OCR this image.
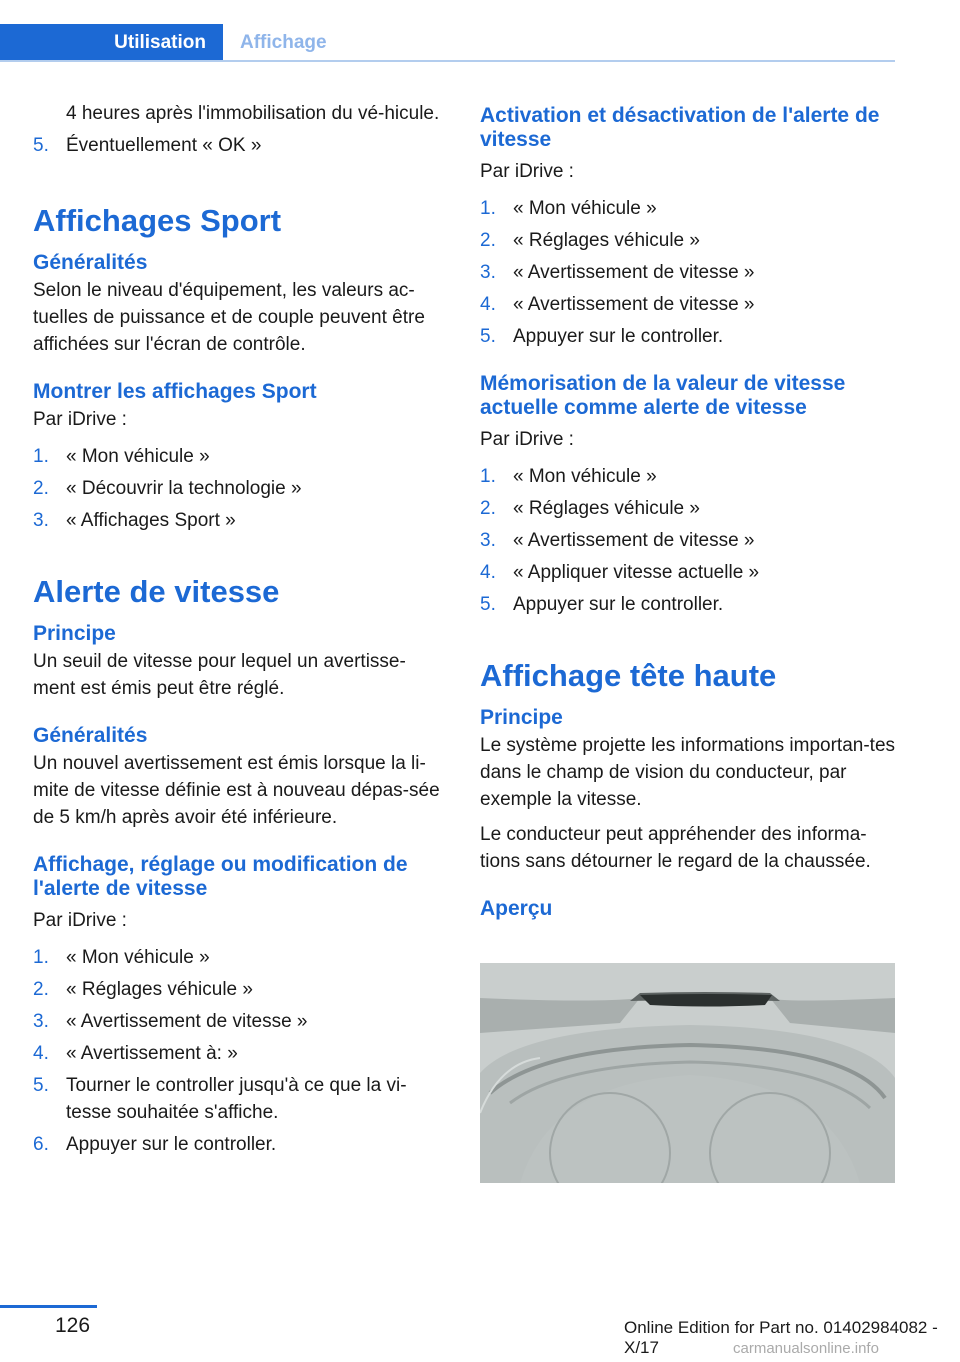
Utilisation Affichage
4 heures après l'immobilisation du vé-hicule.
5. Éventuellement « OK »
Affichages Sport
Généralités

Selon le niveau d'équipement, les valeurs ac-tuelles de puissance et de couple peuvent être affichées sur l'écran de contrôle.

Montrer les affichages Sport

Par iDrive :

1. « Mon véhicule »
2. « Découvrir la technologie »
3. « Affichages Sport »
Alerte de vitesse
Principe

Un seuil de vitesse pour lequel un avertisse-ment est émis peut être réglé.

Généralités

Un nouvel avertissement est émis lorsque la li-mite de vitesse définie est à nouveau dépas-sée de 5 km/h après avoir été inférieure.

Affichage, réglage ou modification de l'alerte de vitesse

Par iDrive :

1. « Mon véhicule »
2. « Réglages véhicule »
3. « Avertissement de vitesse »
4. « Avertissement à: »
5. Tourner le controller jusqu'à ce que la vi-tesse souhaitée s'affiche.
6. Appuyer sur le controller.
Activation et désactivation de l'alerte de vitesse

Par iDrive :

1. « Mon véhicule »
2. « Réglages véhicule »
3. « Avertissement de vitesse »
4. « Avertissement de vitesse »
5. Appuyer sur le controller.
Mémorisation de la valeur de vitesse actuelle comme alerte de vitesse

Par iDrive :

1. « Mon véhicule »
2. « Réglages véhicule »
3. « Avertissement de vitesse »
4. « Appliquer vitesse actuelle »
5. Appuyer sur le controller.
Affichage tête haute
Principe

Le système projette les informations importan-tes dans le champ de vision du conducteur, par exemple la vitesse.

Le conducteur peut appréhender des informa-tions sans détourner le regard de la chaussée.

Aperçu
126	Online Edition for Part no. 01402984082 - X/17	carmanualsonline.info
